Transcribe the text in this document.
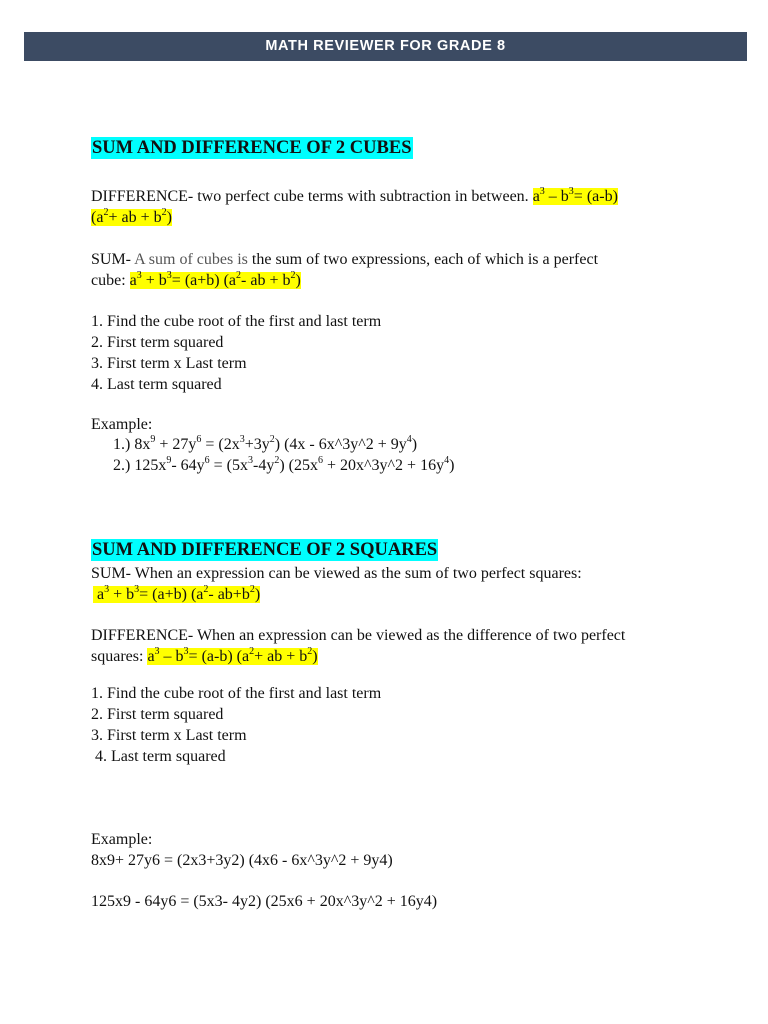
MATH REVIEWER FOR GRADE 8
SUM AND DIFFERENCE OF 2 CUBES
DIFFERENCE- two perfect cube terms with subtraction in between. $a^3 - b^3= (a-b)$
($a^2+$ ab + $b^2$)
SUM- A sum of cubes is the sum of two expressions, each of which is a perfect
cube: $a^3 + b^3= (a+b)$ ($a^2-$ ab + $b^2$)
1. Find the cube root of the first and last term
2. First term squared
3. First term x Last term
4. Last term squared
Example:
1.) $8x^9 + 27y^6 = (2x^3+3y^2)$ (4x - 6x^3y^2 + $9y^4$)
2.) $125x^9-$ $64y^6 = (5x^3-4y^2) (25x^6$ + 20x^3y^2 + $16y^4$)
SUM AND DIFFERENCE OF 2 SQUARES
SUM- When an expression can be viewed as the sum of two perfect squares:
$a^3 + b^3= (a+b)$ ($a^2-$ $ab+b^2$)
DIFFERENCE- When an expression can be viewed as the difference of two perfect
squares: $a^3 - b^3= (a-b)$ ($a^2+$ ab + $b^2$)
1. Find the cube root of the first and last term
2. First term squared
3. First term x Last term
4. Last term squared
Example:
8x9+ 27y6 = (2x3+3y2) (4x6 - 6x^3y^2 + 9y4)
125x9 - 64y6 = (5x3- 4y2) (25x6 + 20x^3y^2 + 16y4)
